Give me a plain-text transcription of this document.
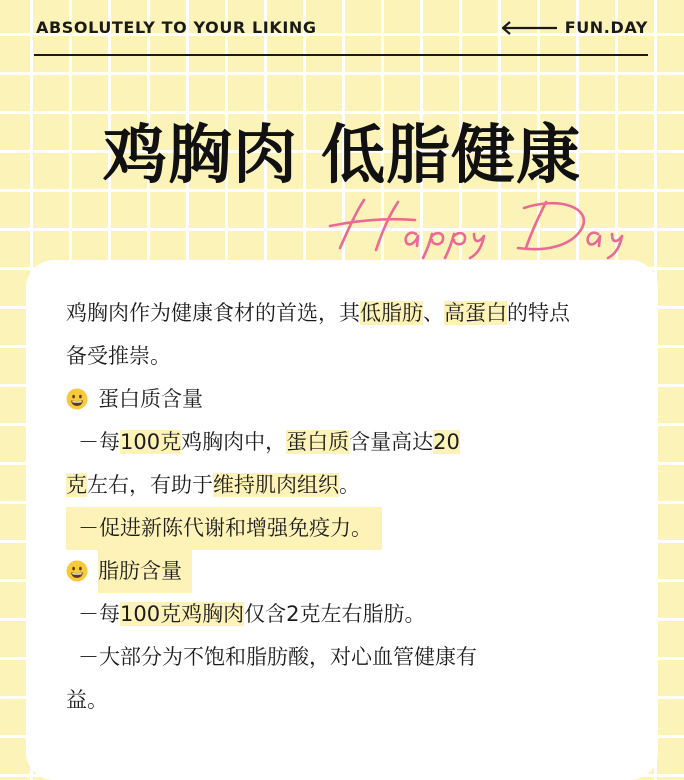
ABSOLUTELY TO YOUR LIKING	FUN.DAY
鸡胸肉 低脂健康
鸡胸肉作为健康食材的首选，其低脂肪、高蛋白的特点
备受推崇。
蛋白质含量
－每100克鸡胸肉中，蛋白质含量高达20
克左右，有助于维持肌肉组织。
－促进新陈代谢和增强免疫力。
脂肪含量
－每100克鸡胸肉仅含2克左右脂肪。
－大部分为不饱和脂肪酸，对心血管健康有
益。
